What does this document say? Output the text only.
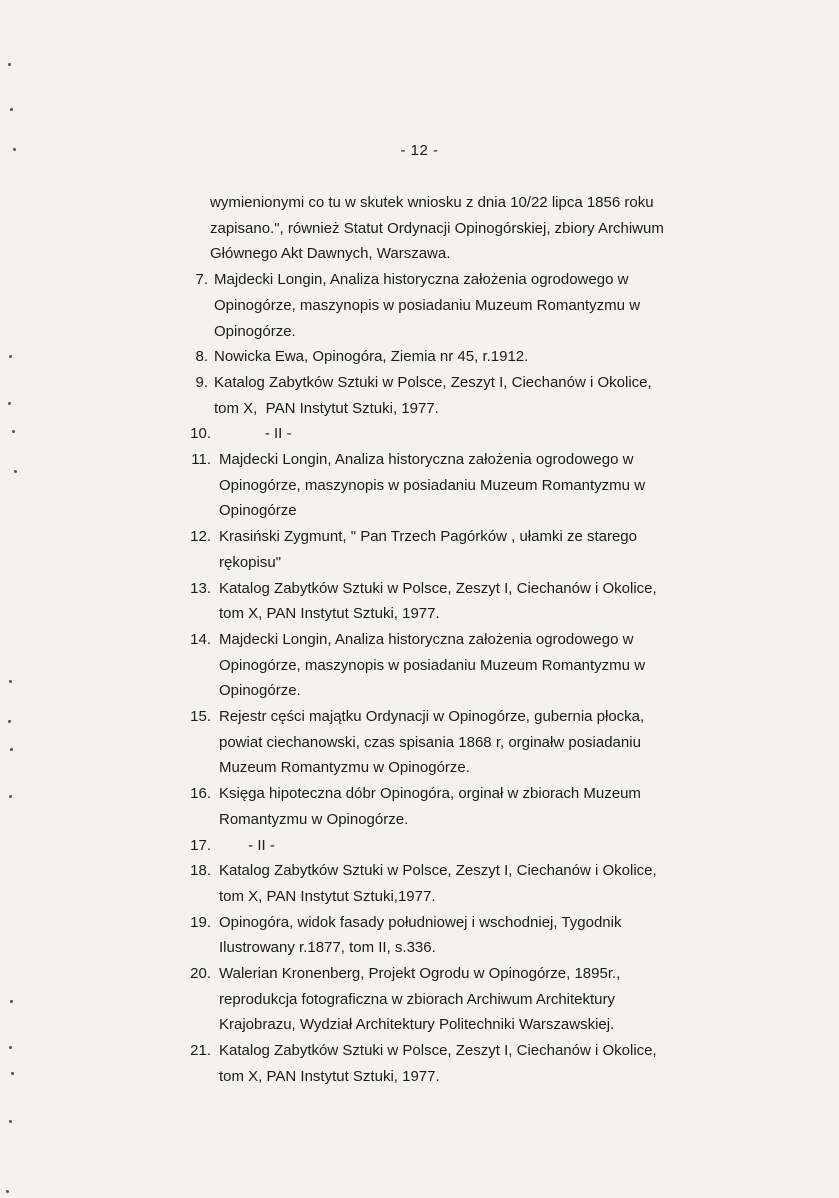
- 12 -
wymienionymi co tu w skutek wniosku z dnia 10/22 lipca 1856 roku
zapisano.", również Statut Ordynacji Opinogórskiej, zbiory Archiwum
Głównego Akt Dawnych, Warszawa.
7. Majdecki Longin, Analiza historyczna założenia ogrodowego w
Opinogórze, maszynopis w posiadaniu Muzeum Romantyzmu w
Opinogórze.
8. Nowicka Ewa, Opinogóra, Ziemia nr 45, r.1912.
9. Katalog Zabytków Sztuki w Polsce, Zeszyt I, Ciechanów i Okolice,
tom X,  PAN Instytut Sztuki, 1977.
10. - II -
11. Majdecki Longin, Analiza historyczna założenia ogrodowego w
Opinogórze, maszynopis w posiadaniu Muzeum Romantyzmu w
Opinogórze
12. Krasiński Zygmunt, " Pan Trzech Pagórków , ułamki ze starego
rękopisu"
13. Katalog Zabytków Sztuki w Polsce, Zeszyt I, Ciechanów i Okolice,
tom X, PAN Instytut Sztuki, 1977.
14. Majdecki Longin, Analiza historyczna założenia ogrodowego w
Opinogórze, maszynopis w posiadaniu Muzeum Romantyzmu w
Opinogórze.
15. Rejestr cęści majątku Ordynacji w Opinogórze, gubernia płocka,
powiat ciechanowski, czas spisania 1868 r, orginałw posiadaniu
Muzeum Romantyzmu w Opinogórze.
16. Księga hipoteczna dóbr Opinogóra, orginał w zbiorach Muzeum
Romantyzmu w Opinogórze.
17. - II -
18. Katalog Zabytków Sztuki w Polsce, Zeszyt I, Ciechanów i Okolice,
tom X, PAN Instytut Sztuki,1977.
19. Opinogóra, widok fasady południowej i wschodniej, Tygodnik
Ilustrowany r.1877, tom II, s.336.
20. Walerian Kronenberg, Projekt Ogrodu w Opinogórze, 1895r.,
reprodukcja fotograficzna w zbiorach Archiwum Architektury
Krajobrazu, Wydział Architektury Politechniki Warszawskiej.
21. Katalog Zabytków Sztuki w Polsce, Zeszyt I, Ciechanów i Okolice,
tom X, PAN Instytut Sztuki, 1977.
